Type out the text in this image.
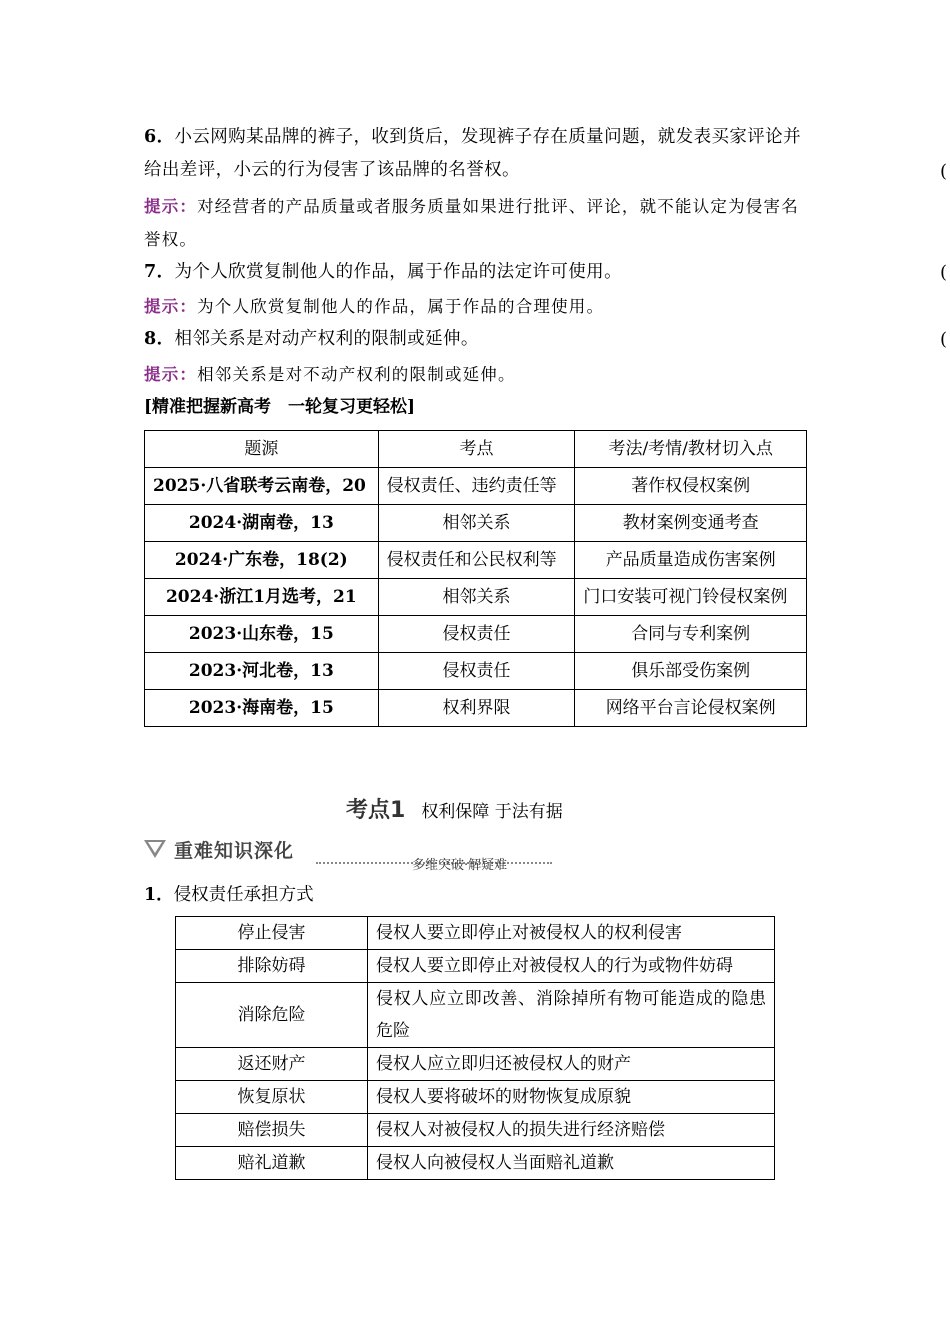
6．小云网购某品牌的裤子，收到货后，发现裤子存在质量问题，就发表买家评论并给出差评，小云的行为侵害了该品牌的名誉权。	(
提示：对经营者的产品质量或者服务质量如果进行批评、评论，就不能认定为侵害名誉权。
7．为个人欣赏复制他人的作品，属于作品的法定许可使用。	(
提示：为个人欣赏复制他人的作品，属于作品的合理使用。
8．相邻关系是对动产权利的限制或延伸。	(
提示：相邻关系是对不动产权利的限制或延伸。
[精准把握新高考　一轮复习更轻松]
题源	考点	考法/考情/教材切入点
2025·八省联考云南卷，20	侵权责任、违约责任等	著作权侵权案例
2024·湖南卷，13	相邻关系	教材案例变通考查
2024·广东卷，18(2)	侵权责任和公民权利等	产品质量造成伤害案例
2024·浙江1月选考，21	相邻关系	门口安装可视门铃侵权案例
2023·山东卷，15	侵权责任	合同与专利案例
2023·河北卷，13	侵权责任	俱乐部受伤案例
2023·海南卷，15	权利界限	网络平台言论侵权案例
考点1 权利保障 于法有据
重难知识深化
多维突破·解疑难
1．侵权责任承担方式
停止侵害	侵权人要立即停止对被侵权人的权利侵害
排除妨碍	侵权人要立即停止对被侵权人的行为或物件妨碍
消除危险	侵权人应立即改善、消除掉所有物可能造成的隐患危险
返还财产	侵权人应立即归还被侵权人的财产
恢复原状	侵权人要将破坏的财物恢复成原貌
赔偿损失	侵权人对被侵权人的损失进行经济赔偿
赔礼道歉	侵权人向被侵权人当面赔礼道歉
